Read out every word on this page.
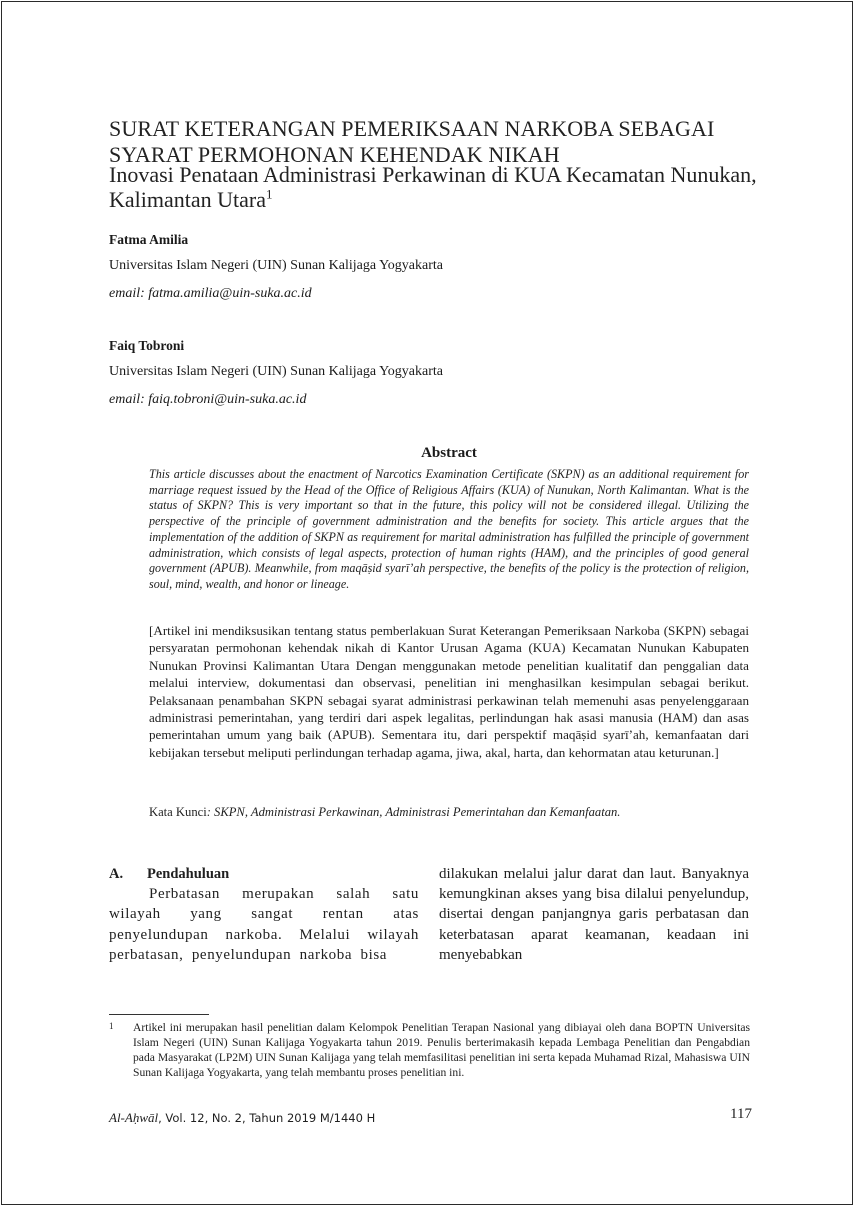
SURAT KETERANGAN PEMERIKSAAN NARKOBA SEBAGAI SYARAT PERMOHONAN KEHENDAK NIKAH
Inovasi Penataan Administrasi Perkawinan di KUA Kecamatan Nunukan, Kalimantan Utara$^1$
Fatma Amilia
Universitas Islam Negeri (UIN) Sunan Kalijaga Yogyakarta
email: fatma.amilia@uin-suka.ac.id
Faiq Tobroni
Universitas Islam Negeri (UIN) Sunan Kalijaga Yogyakarta
email: faiq.tobroni@uin-suka.ac.id
Abstract
This article discusses about the enactment of Narcotics Examination Certificate (SKPN) as an additional requirement for marriage request issued by the Head of the Office of Religious Affairs (KUA) of Nunukan, North Kalimantan. What is the status of SKPN? This is very important so that in the future, this policy will not be considered illegal. Utilizing the perspective of the principle of government administration and the benefits for society. This article argues that the implementation of the addition of SKPN as requirement for marital administration has fulfilled the principle of government administration, which consists of legal aspects, protection of human rights (HAM), and the principles of good general government (APUB). Meanwhile, from maqāṣid syarī’ah perspective, the benefits of the policy is the protection of religion, soul, mind, wealth, and honor or lineage.
[Artikel ini mendiksusikan tentang status pemberlakuan Surat Keterangan Pemeriksaan Narkoba (SKPN) sebagai persyaratan permohonan kehendak nikah di Kantor Urusan Agama (KUA) Kecamatan Nunukan Kabupaten Nunukan Provinsi Kalimantan Utara Dengan menggunakan metode penelitian kualitatif dan penggalian data melalui interview, dokumentasi dan observasi, penelitian ini menghasilkan kesimpulan sebagai berikut. Pelaksanaan penambahan SKPN sebagai syarat administrasi perkawinan telah memenuhi asas penyelenggaraan administrasi pemerintahan, yang terdiri dari aspek legalitas, perlindungan hak asasi manusia (HAM) dan asas pemerintahan umum yang baik (APUB). Sementara itu, dari perspektif maqāṣid syarī’ah, kemanfaatan dari kebijakan tersebut meliputi perlindungan terhadap agama, jiwa, akal, harta, dan kehormatan atau keturunan.]
Kata Kunci: SKPN, Administrasi Perkawinan, Administrasi Pemerintahan dan Kemanfaatan.
A.	Pendahuluan

Perbatasan merupakan salah satu wilayah yang sangat rentan atas penyelundupan narkoba. Melalui wilayah perbatasan, penyelundupan narkoba bisa

dilakukan melalui jalur darat dan laut. Banyaknya kemungkinan akses yang bisa dilalui penyelundup, disertai dengan panjangnya garis perbatasan dan keterbatasan aparat keamanan, keadaan ini menyebabkan

1 Artikel ini merupakan hasil penelitian dalam Kelompok Penelitian Terapan Nasional yang dibiayai oleh dana BOPTN Universitas Islam Negeri (UIN) Sunan Kalijaga Yogyakarta tahun 2019. Penulis berterimakasih kepada Lembaga Penelitian dan Pengabdian pada Masyarakat (LP2M) UIN Sunan Kalijaga yang telah memfasilitasi penelitian ini serta kepada Muhamad Rizal, Mahasiswa UIN Sunan Kalijaga Yogyakarta, yang telah membantu proses penelitian ini.
Al-Aḥwāl, Vol. 12, No. 2, Tahun 2019 M/1440 H	117
